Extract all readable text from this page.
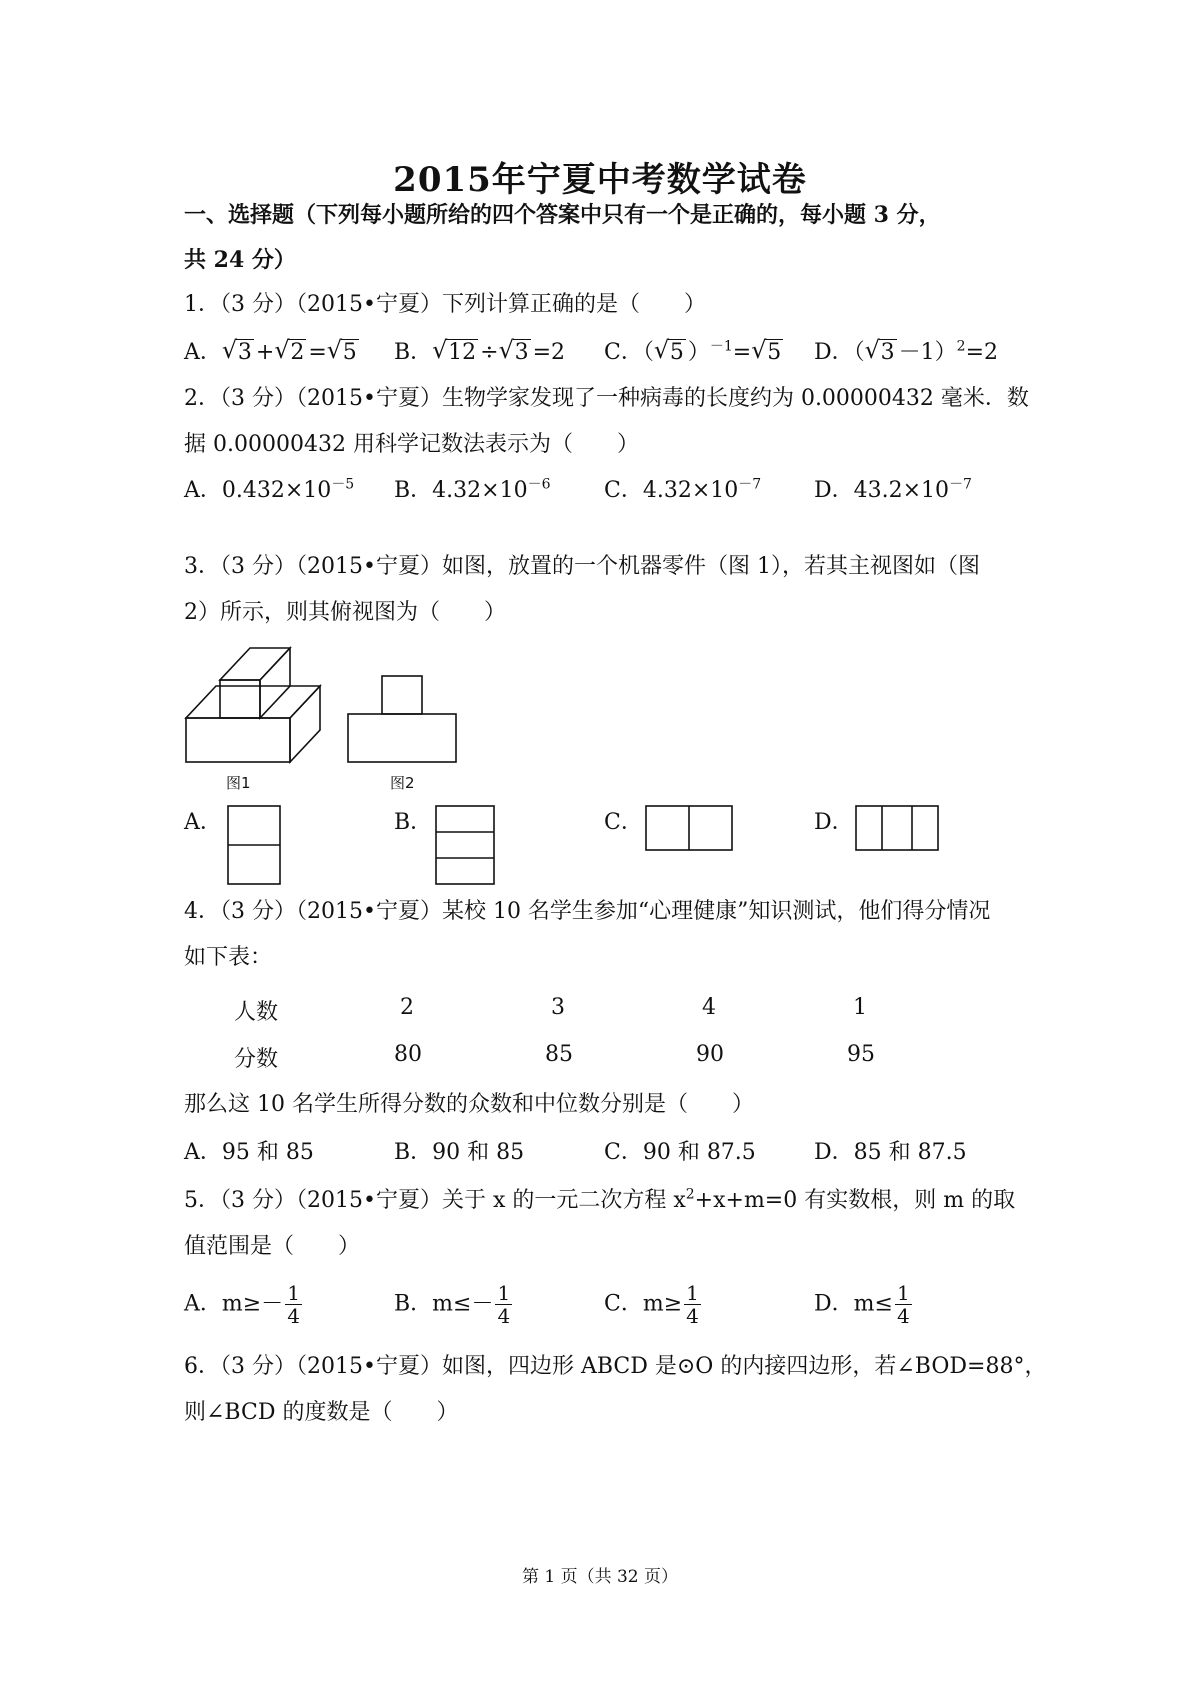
2015年宁夏中考数学试卷
一、选择题（下列每小题所给的四个答案中只有一个是正确的，每小题 3 分，
共 24 分）
1．（3 分）（2015•宁夏）下列计算正确的是（　　）
A． √ 3 + √ 2 = √ 5 B． √ 12 ÷ √ 3 =2 C．（ √ 5 ）$^{-1}$= √ 5 D．（ √ 3 －1）$^2$=2
2．（3 分）（2015•宁夏）生物学家发现了一种病毒的长度约为 0.00000432 毫米．数
据 0.00000432 用科学记数法表示为（　　）
A．$0.432\times 10^{-5}$ B．$4.32\times 10^{-6}$ C．$4.32\times 10^{-7}$ D．$43.2\times 10^{-7}$
3．（3 分）（2015•宁夏）如图，放置的一个机器零件（图 1），若其主视图如（图
2）所示，则其俯视图为（　　）
图1	图2
A．	B．	C．	D．
4．（3 分）（2015•宁夏）某校 10 名学生参加“心理健康”知识测试，他们得分情况
如下表：
人数	2	3	4	1
分数	80	85	90	95
那么这 10 名学生所得分数的众数和中位数分别是（　　）
A．95 和 85	B．90 和 85	C．90 和 87.5	D．85 和 87.5
5．（3 分）（2015•宁夏）关于 x 的一元二次方程 $x^2+x+m=0$ 有实数根，则 m 的取
值范围是（　　）
A．$m\ge- \frac{1}{4}$	B．$m\le- \frac{1}{4}$	C．$m\ge \frac{1}{4}$	D．$m\le \frac{1}{4}$
6．（3 分）（2015•宁夏）如图，四边形 ABCD 是⊙O 的内接四边形，若∠BOD=88°，
则∠BCD 的度数是（　　）
第 1 页（共 32 页）
